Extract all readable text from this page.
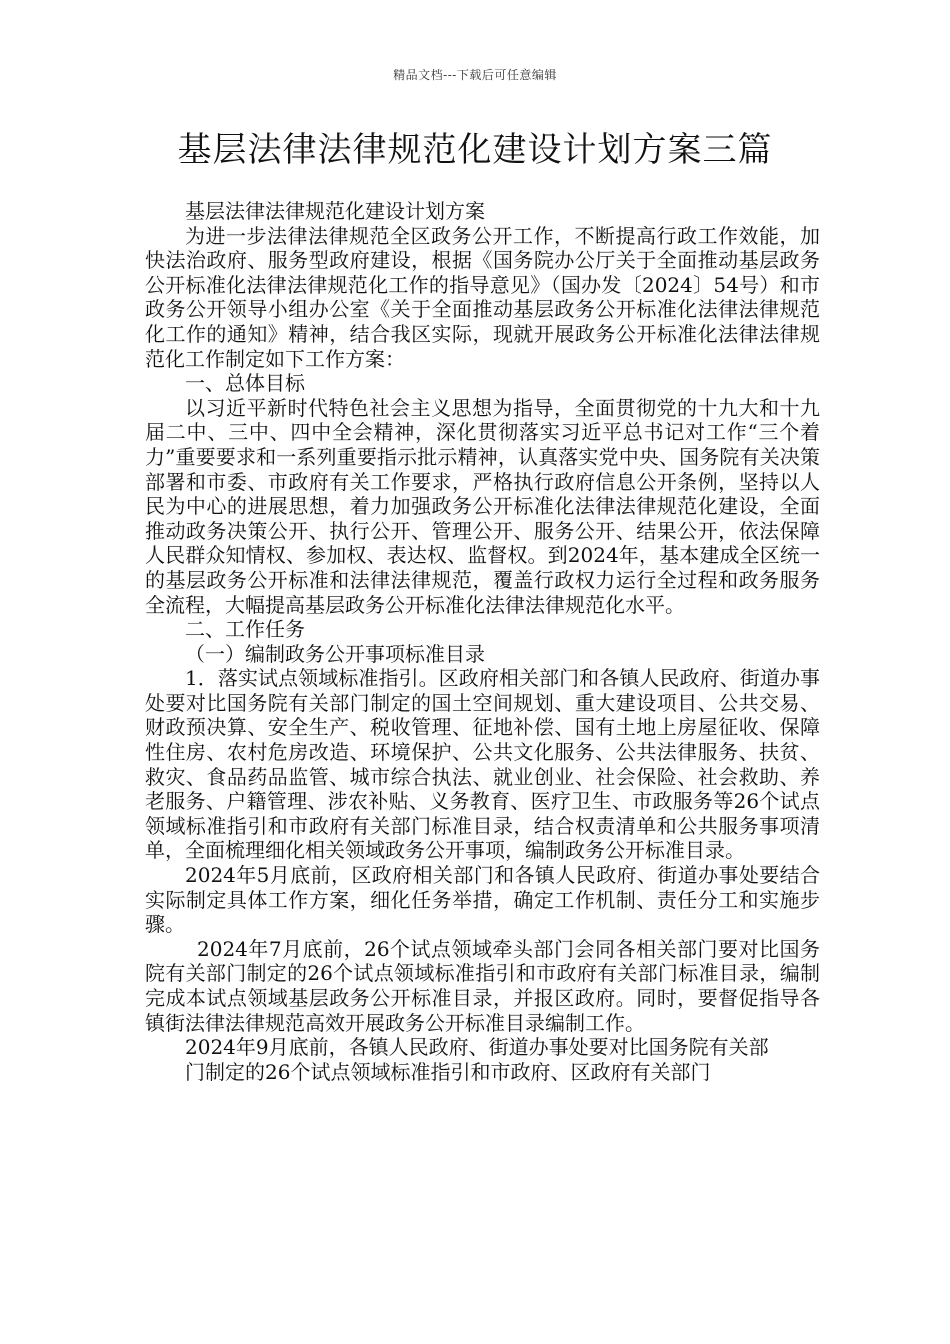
精品文档---下载后可任意编辑
基层法律法律规范化建设计划方案三篇

基层法律法律规范化建设计划方案

为进一步法律法律规范全区政务公开工作，不断提高行政工作效能，加快法治政府、服务型政府建设，根据《国务院办公厅关于全面推动基层政务公开标准化法律法律规范化工作的指导意见》（国办发〔2024〕54号）和市政务公开领导小组办公室《关于全面推动基层政务公开标准化法律法律规范化工作的通知》精神，结合我区实际，现就开展政务公开标准化法律法律规范化工作制定如下工作方案：

一、总体目标

以习近平新时代特色社会主义思想为指导，全面贯彻党的十九大和十九届二中、三中、四中全会精神，深化贯彻落实习近平总书记对工作“三个着力”重要要求和一系列重要指示批示精神，认真落实党中央、国务院有关决策部署和市委、市政府有关工作要求，严格执行政府信息公开条例，坚持以人民为中心的进展思想，着力加强政务公开标准化法律法律规范化建设，全面推动政务决策公开、执行公开、管理公开、服务公开、结果公开，依法保障人民群众知情权、参加权、表达权、监督权。到2024年，基本建成全区统一的基层政务公开标准和法律法律规范，覆盖行政权力运行全过程和政务服务全流程，大幅提高基层政务公开标准化法律法律规范化水平。

二、工作任务

（一）编制政务公开事项标准目录

1．落实试点领域标准指引。区政府相关部门和各镇人民政府、街道办事处要对比国务院有关部门制定的国土空间规划、重大建设项目、公共交易、财政预决算、安全生产、税收管理、征地补偿、国有土地上房屋征收、保障性住房、农村危房改造、环境保护、公共文化服务、公共法律服务、扶贫、救灾、食品药品监管、城市综合执法、就业创业、社会保险、社会救助、养老服务、户籍管理、涉农补贴、义务教育、医疗卫生、市政服务等26个试点领域标准指引和市政府有关部门标准目录，结合权责清单和公共服务事项清单，全面梳理细化相关领域政务公开事项，编制政务公开标准目录。

2024年5月底前，区政府相关部门和各镇人民政府、街道办事处要结合实际制定具体工作方案，细化任务举措，确定工作机制、责任分工和实施步骤。

2024年7月底前，26个试点领域牵头部门会同各相关部门要对比国务院有关部门制定的26个试点领域标准指引和市政府有关部门标准目录，编制完成本试点领域基层政务公开标准目录，并报区政府。同时，要督促指导各镇街法律法律规范高效开展政务公开标准目录编制工作。

2024年9月底前，各镇人民政府、街道办事处要对比国务院有关部

门制定的26个试点领域标准指引和市政府、区政府有关部门
